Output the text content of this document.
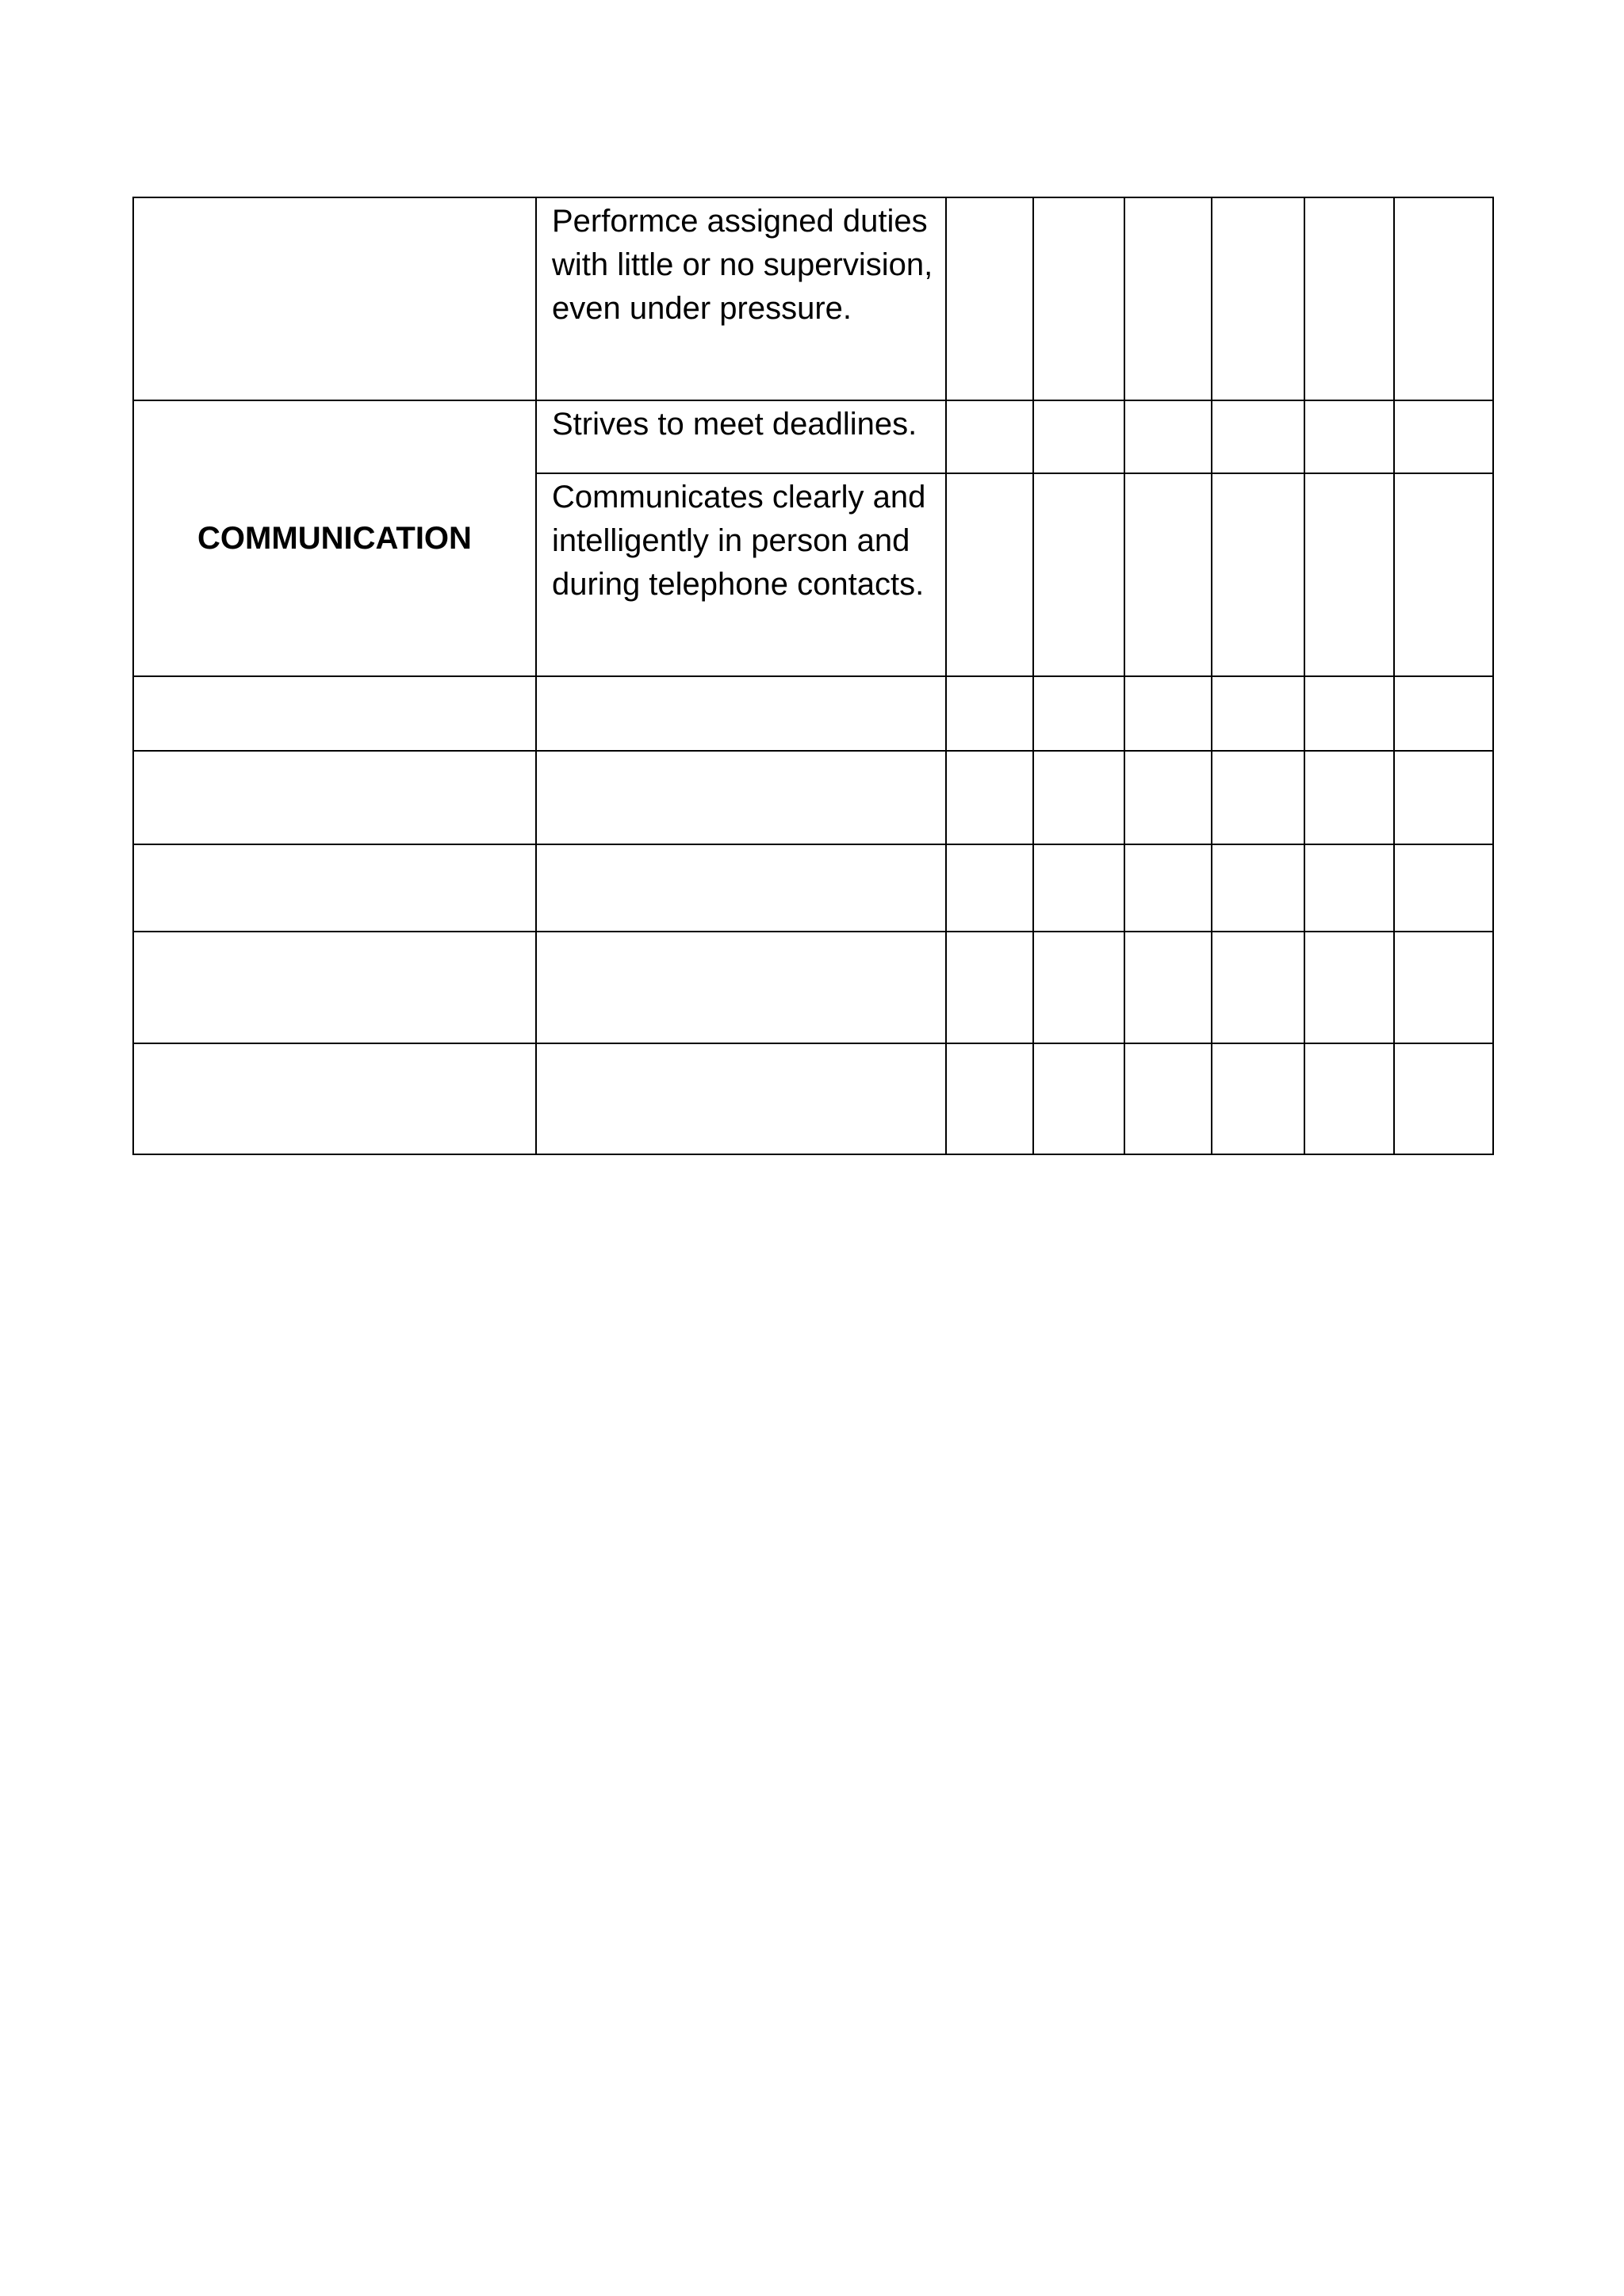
	Performce assigned duties with little or no supervision, even under pressure.						
COMMUNICATION	Strives to meet deadlines.						
	Communicates clearly and intelligently in person and during telephone contacts.						
